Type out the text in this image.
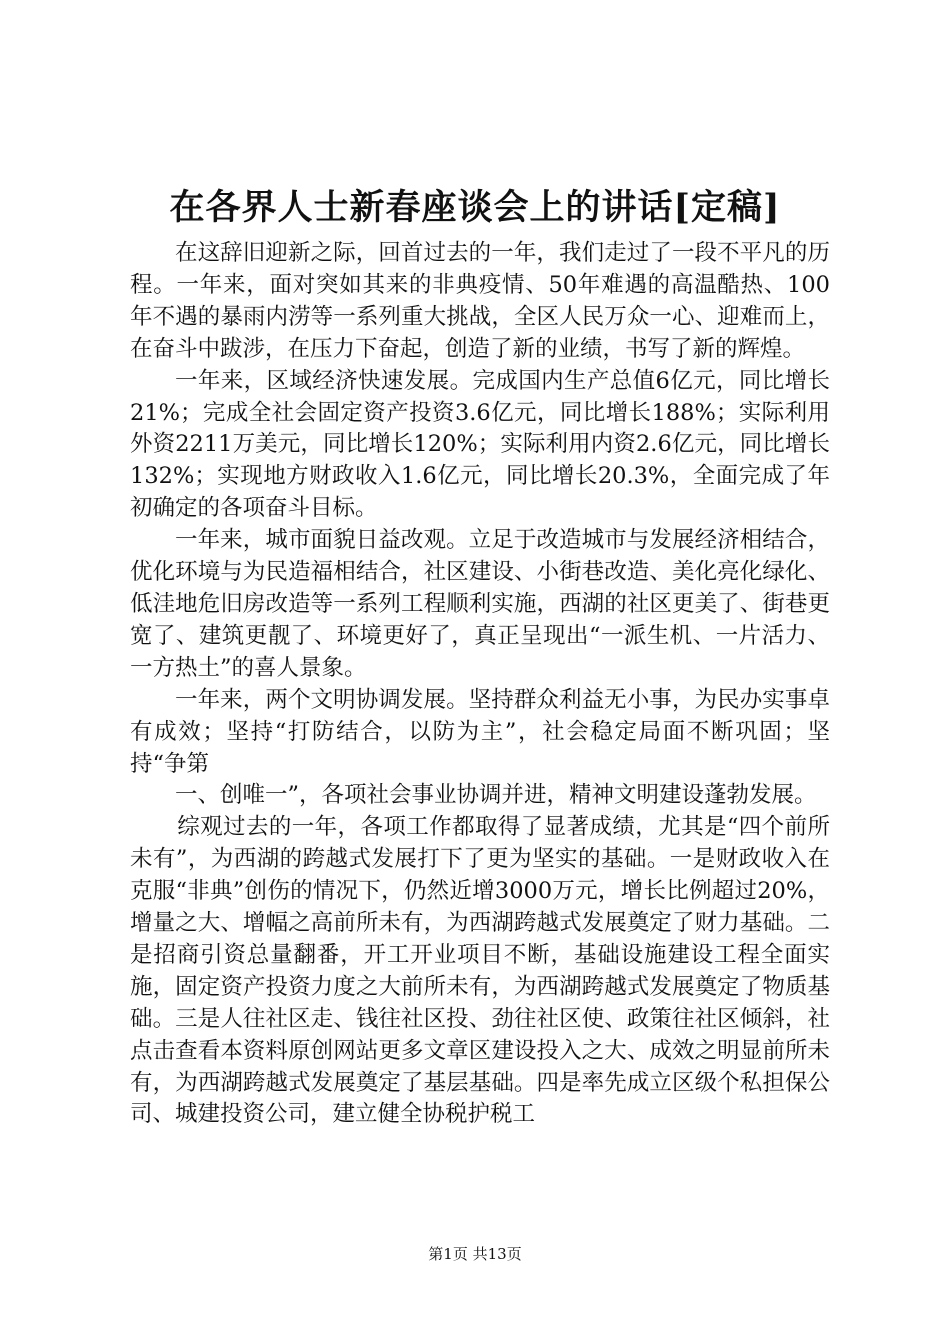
在各界人士新春座谈会上的讲话[定稿]

在这辞旧迎新之际，回首过去的一年，我们走过了一段不平凡的历程。一年来，面对突如其来的非典疫情、50年难遇的高温酷热、100年不遇的暴雨内涝等一系列重大挑战，全区人民万众一心、迎难而上，在奋斗中跋涉，在压力下奋起，创造了新的业绩，书写了新的辉煌。

一年来，区域经济快速发展。完成国内生产总值6亿元，同比增长21%；完成全社会固定资产投资3.6亿元，同比增长188%；实际利用外资2211万美元，同比增长120%；实际利用内资2.6亿元，同比增长132%；实现地方财政收入1.6亿元，同比增长20.3%，全面完成了年初确定的各项奋斗目标。

一年来，城市面貌日益改观。立足于改造城市与发展经济相结合，优化环境与为民造福相结合，社区建设、小街巷改造、美化亮化绿化、低洼地危旧房改造等一系列工程顺利实施，西湖的社区更美了、街巷更宽了、建筑更靓了、环境更好了，真正呈现出“一派生机、一片活力、一方热土”的喜人景象。

一年来，两个文明协调发展。坚持群众利益无小事，为民办实事卓有成效；坚持“打防结合，以防为主”，社会稳定局面不断巩固；坚持“争第

一、创唯一”，各项社会事业协调并进，精神文明建设蓬勃发展。

综观过去的一年，各项工作都取得了显著成绩，尤其是“四个前所未有”，为西湖的跨越式发展打下了更为坚实的基础。一是财政收入在克服“非典”创伤的情况下，仍然近增3000万元，增长比例超过20%，增量之大、增幅之高前所未有，为西湖跨越式发展奠定了财力基础。二是招商引资总量翻番，开工开业项目不断，基础设施建设工程全面实施，固定资产投资力度之大前所未有，为西湖跨越式发展奠定了物质基础。三是人往社区走、钱往社区投、劲往社区使、政策往社区倾斜，社点击查看本资料原创网站更多文章区建设投入之大、成效之明显前所未有，为西湖跨越式发展奠定了基层基础。四是率先成立区级个私担保公司、城建投资公司，建立健全协税护税工

第1页 共13页
